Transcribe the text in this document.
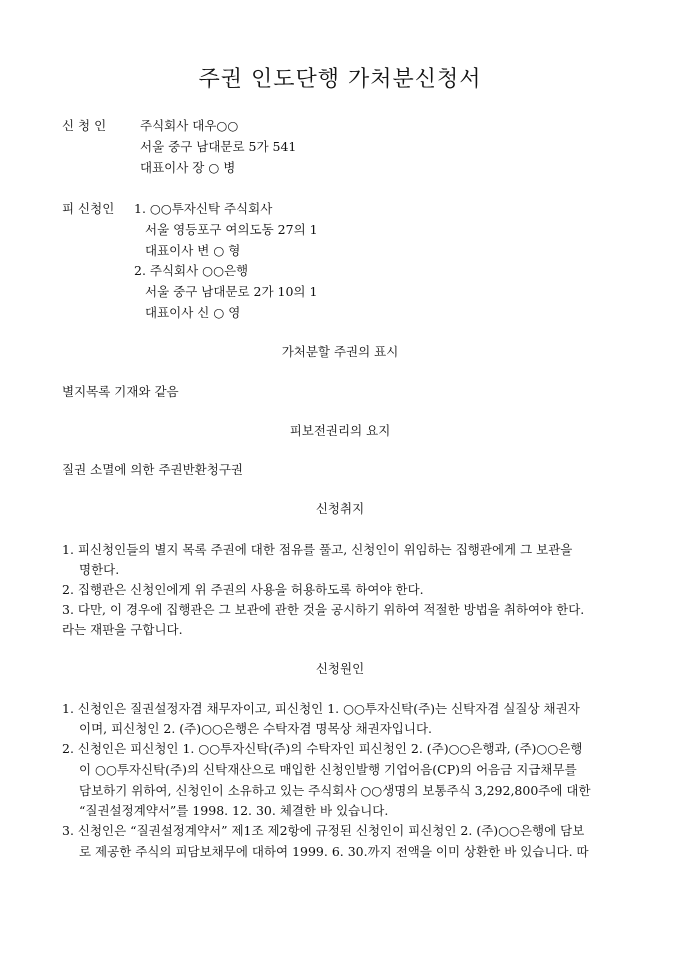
주권 인도단행 가처분신청서
신 청 인	주식회사 대우○○
서울 중구 남대문로 5가 541
대표이사 장 ○ 병
피 신청인 1. ○○투자신탁 주식회사
서울 영등포구 여의도동 27의 1
대표이사 변 ○ 형
2. 주식회사 ○○은행
서울 중구 남대문로 2가 10의 1
대표이사 신 ○ 영
가처분할 주권의 표시
별지목록 기재와 같음
피보전권리의 요지
질권 소멸에 의한 주권반환청구권
신청취지
1. 피신청인들의 별지 목록 주권에 대한 점유를 풀고, 신청인이 위임하는 집행관에게 그 보관을
명한다.
2. 집행관은 신청인에게 위 주권의 사용을 허용하도록 하여야 한다.
3. 다만, 이 경우에 집행관은 그 보관에 관한 것을 공시하기 위하여 적절한 방법을 취하여야 한다.
라는 재판을 구합니다.
신청원인
1. 신청인은 질권설정자겸 채무자이고, 피신청인 1. ○○투자신탁(주)는 신탁자겸 실질상 채권자
이며, 피신청인 2. (주)○○은행은 수탁자겸 명목상 채권자입니다.
2. 신청인은 피신청인 1. ○○투자신탁(주)의 수탁자인 피신청인 2. (주)○○은행과, (주)○○은행
이 ○○투자신탁(주)의 신탁재산으로 매입한 신청인발행 기업어음(CP)의 어음금 지급채무를
담보하기 위하여, 신청인이 소유하고 있는 주식회사 ○○생명의 보통주식 3,292,800주에 대한
“질권설정계약서”를 1998. 12. 30. 체결한 바 있습니다.
3. 신청인은 “질권설정계약서” 제1조 제2항에 규정된 신청인이 피신청인 2. (주)○○은행에 담보
로 제공한 주식의 피담보채무에 대하여 1999. 6. 30.까지 전액을 이미 상환한 바 있습니다. 따
